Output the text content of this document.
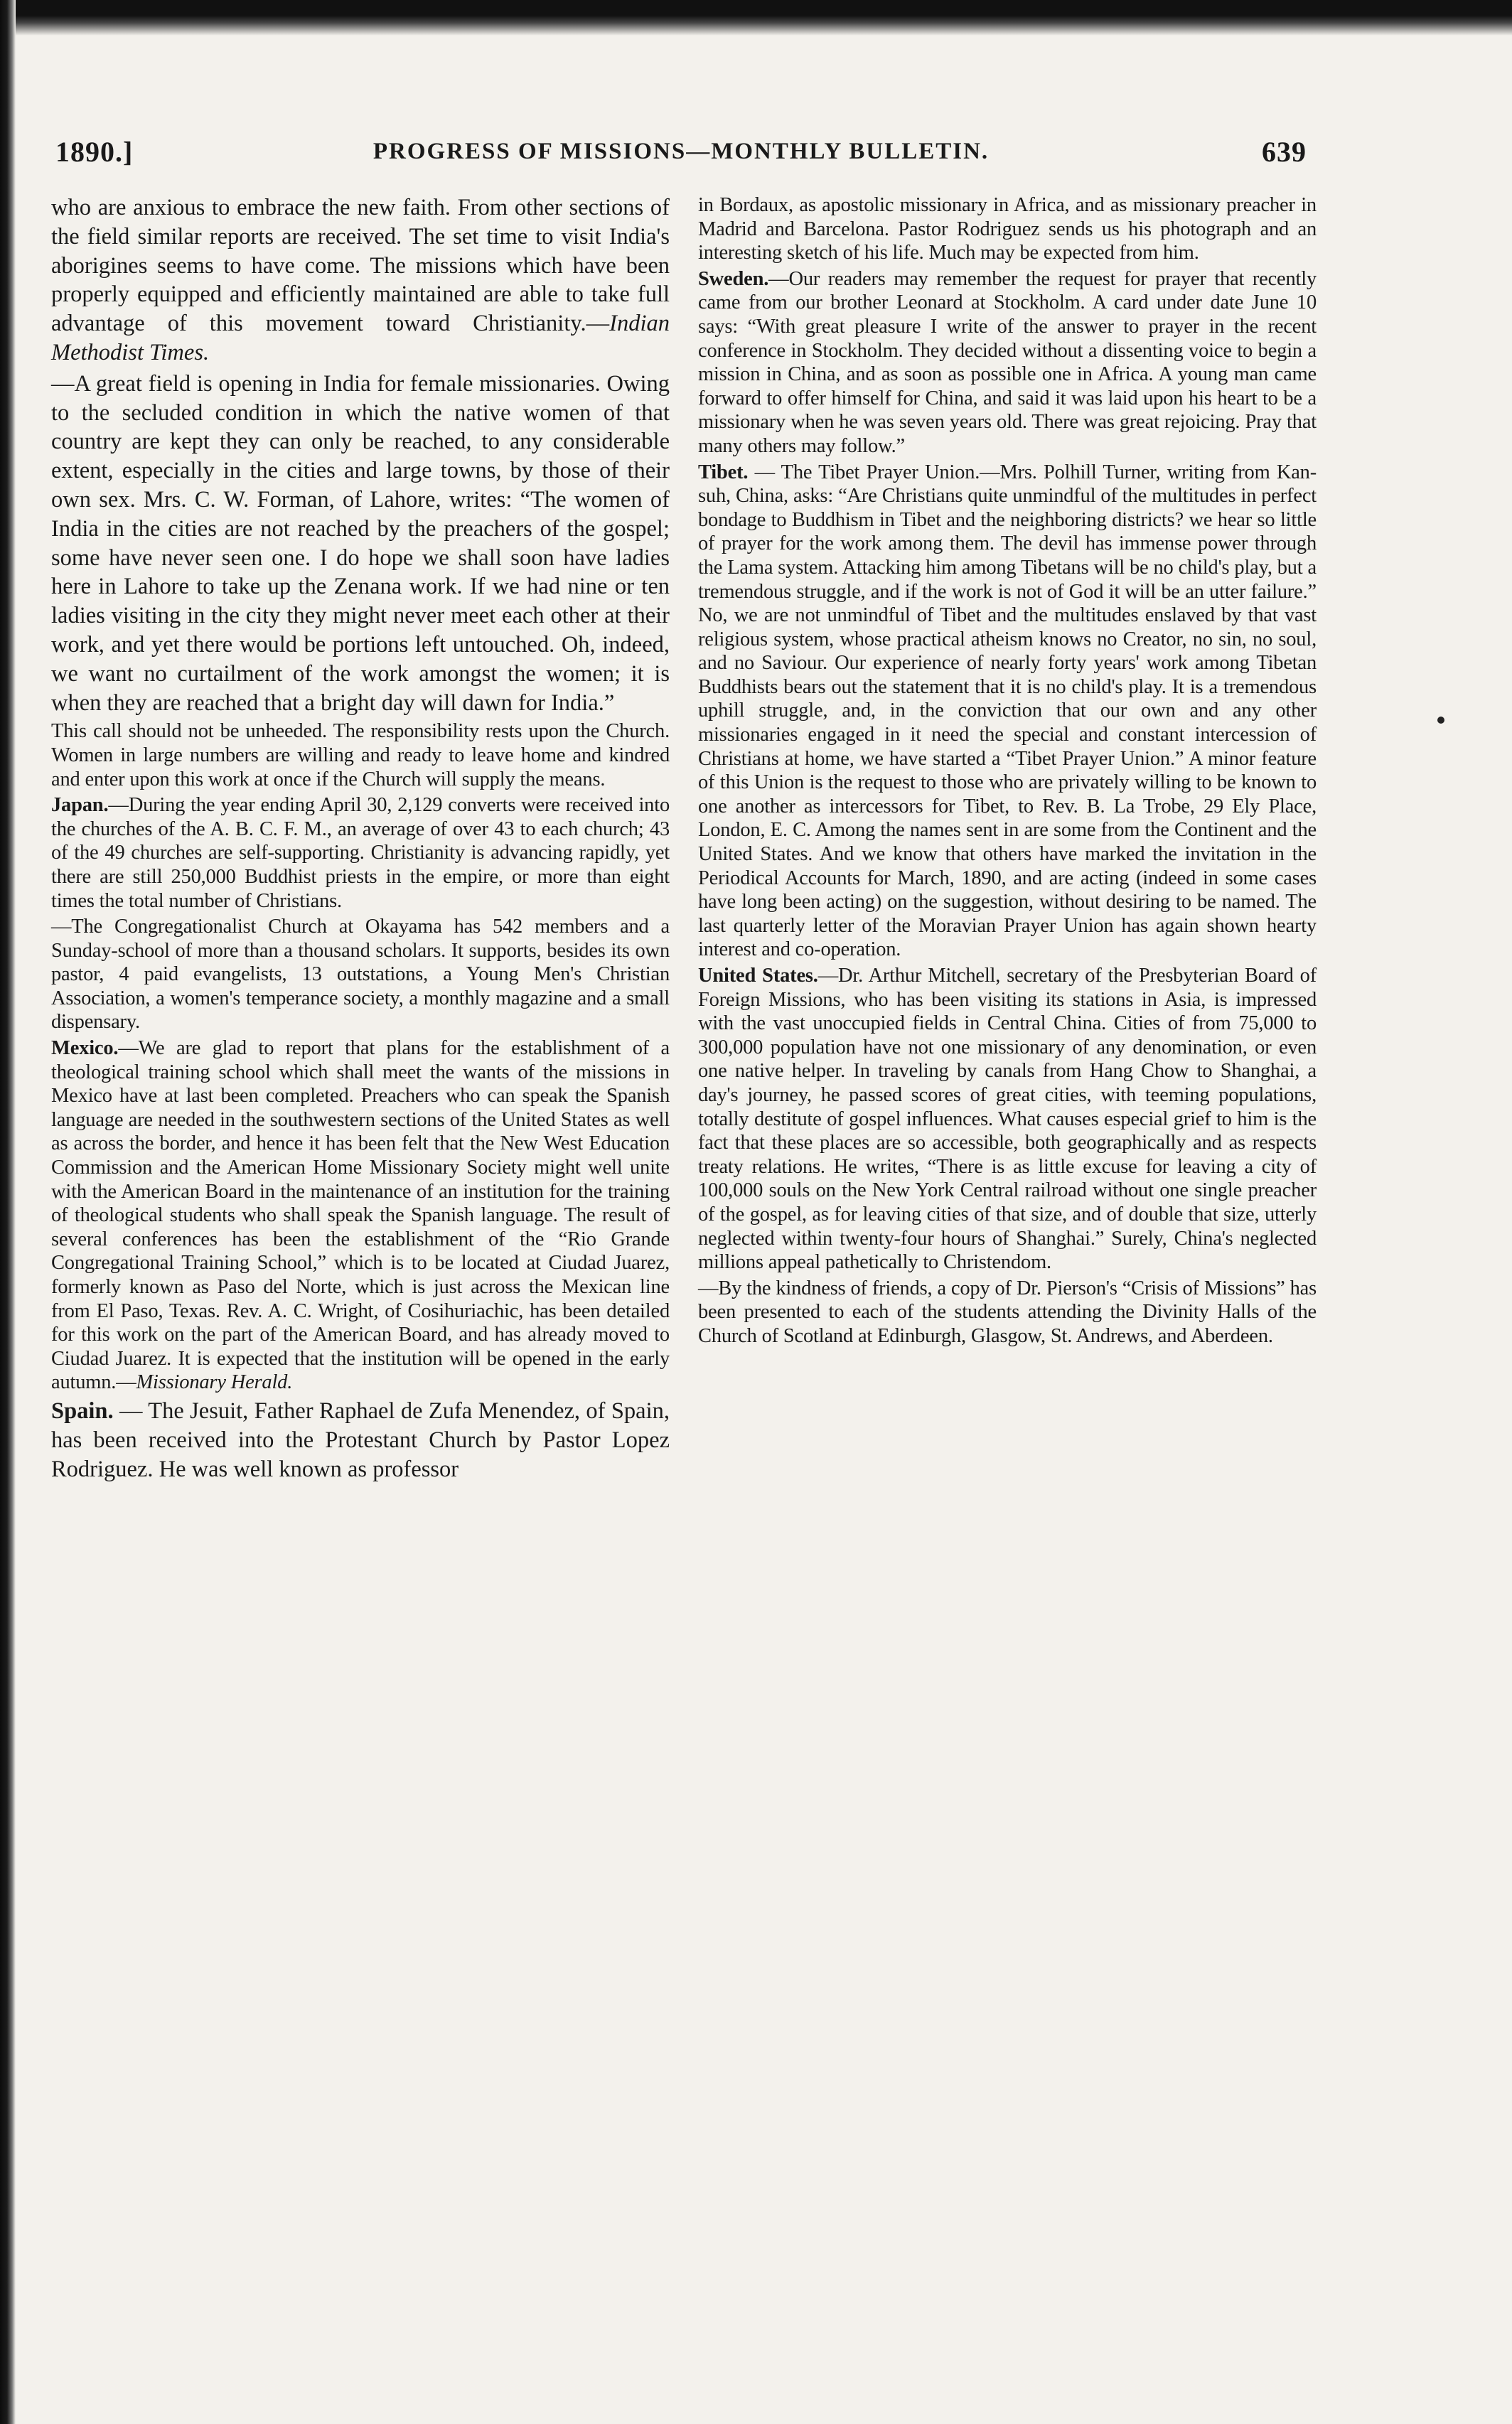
1890.]	PROGRESS OF MISSIONS—MONTHLY BULLETIN.	639

who are anxious to embrace the new faith. From other sections of the field similar reports are received. The set time to visit India's aborigines seems to have come. The missions which have been properly equipped and efficiently maintained are able to take full advantage of this movement toward Christianity.—Indian Methodist Times.

—A great field is opening in India for female missionaries. Owing to the secluded condition in which the native women of that country are kept they can only be reached, to any considerable extent, especially in the cities and large towns, by those of their own sex. Mrs. C. W. Forman, of Lahore, writes: “The women of India in the cities are not reached by the preachers of the gospel; some have never seen one. I do hope we shall soon have ladies here in Lahore to take up the Zenana work. If we had nine or ten ladies visiting in the city they might never meet each other at their work, and yet there would be portions left untouched. Oh, indeed, we want no curtailment of the work amongst the women; it is when they are reached that a bright day will dawn for India.”

This call should not be unheeded. The responsibility rests upon the Church. Women in large numbers are willing and ready to leave home and kindred and enter upon this work at once if the Church will supply the means.

Japan.—During the year ending April 30, 2,129 converts were received into the churches of the A. B. C. F. M., an average of over 43 to each church; 43 of the 49 churches are self-supporting. Christianity is advancing rapidly, yet there are still 250,000 Buddhist priests in the empire, or more than eight times the total number of Christians.

—The Congregationalist Church at Okayama has 542 members and a Sunday-school of more than a thousand scholars. It supports, besides its own pastor, 4 paid evangelists, 13 outstations, a Young Men's Christian Association, a women's temperance society, a monthly magazine and a small dispensary.

Mexico.—We are glad to report that plans for the establishment of a theological training school which shall meet the wants of the missions in Mexico have at last been completed. Preachers who can speak the Spanish language are needed in the southwestern sections of the United States as well as across the border, and hence it has been felt that the New West Education Commission and the American Home Missionary Society might well unite with the American Board in the maintenance of an institution for the training of theological students who shall speak the Spanish language. The result of several conferences has been the establishment of the “Rio Grande Congregational Training School,” which is to be located at Ciudad Juarez, formerly known as Paso del Norte, which is just across the Mexican line from El Paso, Texas. Rev. A. C. Wright, of Cosihuriachic, has been detailed for this work on the part of the American Board, and has already moved to Ciudad Juarez. It is expected that the institution will be opened in the early autumn.—Missionary Herald.

Spain. — The Jesuit, Father Raphael de Zufa Menendez, of Spain, has been received into the Protestant Church by Pastor Lopez Rodriguez. He was well known as professor

in Bordaux, as apostolic missionary in Africa, and as missionary preacher in Madrid and Barcelona. Pastor Rodriguez sends us his photograph and an interesting sketch of his life. Much may be expected from him.

Sweden.—Our readers may remember the request for prayer that recently came from our brother Leonard at Stockholm. A card under date June 10 says: “With great pleasure I write of the answer to prayer in the recent conference in Stockholm. They decided without a dissenting voice to begin a mission in China, and as soon as possible one in Africa. A young man came forward to offer himself for China, and said it was laid upon his heart to be a missionary when he was seven years old. There was great rejoicing. Pray that many others may follow.”

Tibet. — The Tibet Prayer Union.—Mrs. Polhill Turner, writing from Kan-suh, China, asks: “Are Christians quite unmindful of the multitudes in perfect bondage to Buddhism in Tibet and the neighboring districts? we hear so little of prayer for the work among them. The devil has immense power through the Lama system. Attacking him among Tibetans will be no child's play, but a tremendous struggle, and if the work is not of God it will be an utter failure.” No, we are not unmindful of Tibet and the multitudes enslaved by that vast religious system, whose practical atheism knows no Creator, no sin, no soul, and no Saviour. Our experience of nearly forty years' work among Tibetan Buddhists bears out the statement that it is no child's play. It is a tremendous uphill struggle, and, in the conviction that our own and any other missionaries engaged in it need the special and constant intercession of Christians at home, we have started a “Tibet Prayer Union.” A minor feature of this Union is the request to those who are privately willing to be known to one another as intercessors for Tibet, to Rev. B. La Trobe, 29 Ely Place, London, E. C. Among the names sent in are some from the Continent and the United States. And we know that others have marked the invitation in the Periodical Accounts for March, 1890, and are acting (indeed in some cases have long been acting) on the suggestion, without desiring to be named. The last quarterly letter of the Moravian Prayer Union has again shown hearty interest and co-operation.

United States.—Dr. Arthur Mitchell, secretary of the Presbyterian Board of Foreign Missions, who has been visiting its stations in Asia, is impressed with the vast unoccupied fields in Central China. Cities of from 75,000 to 300,000 population have not one missionary of any denomination, or even one native helper. In traveling by canals from Hang Chow to Shanghai, a day's journey, he passed scores of great cities, with teeming populations, totally destitute of gospel influences. What causes especial grief to him is the fact that these places are so accessible, both geographically and as respects treaty relations. He writes, “There is as little excuse for leaving a city of 100,000 souls on the New York Central railroad without one single preacher of the gospel, as for leaving cities of that size, and of double that size, utterly neglected within twenty-four hours of Shanghai.” Surely, China's neglected millions appeal pathetically to Christendom.

—By the kindness of friends, a copy of Dr. Pierson's “Crisis of Missions” has been presented to each of the students attending the Divinity Halls of the Church of Scotland at Edinburgh, Glasgow, St. Andrews, and Aberdeen.
